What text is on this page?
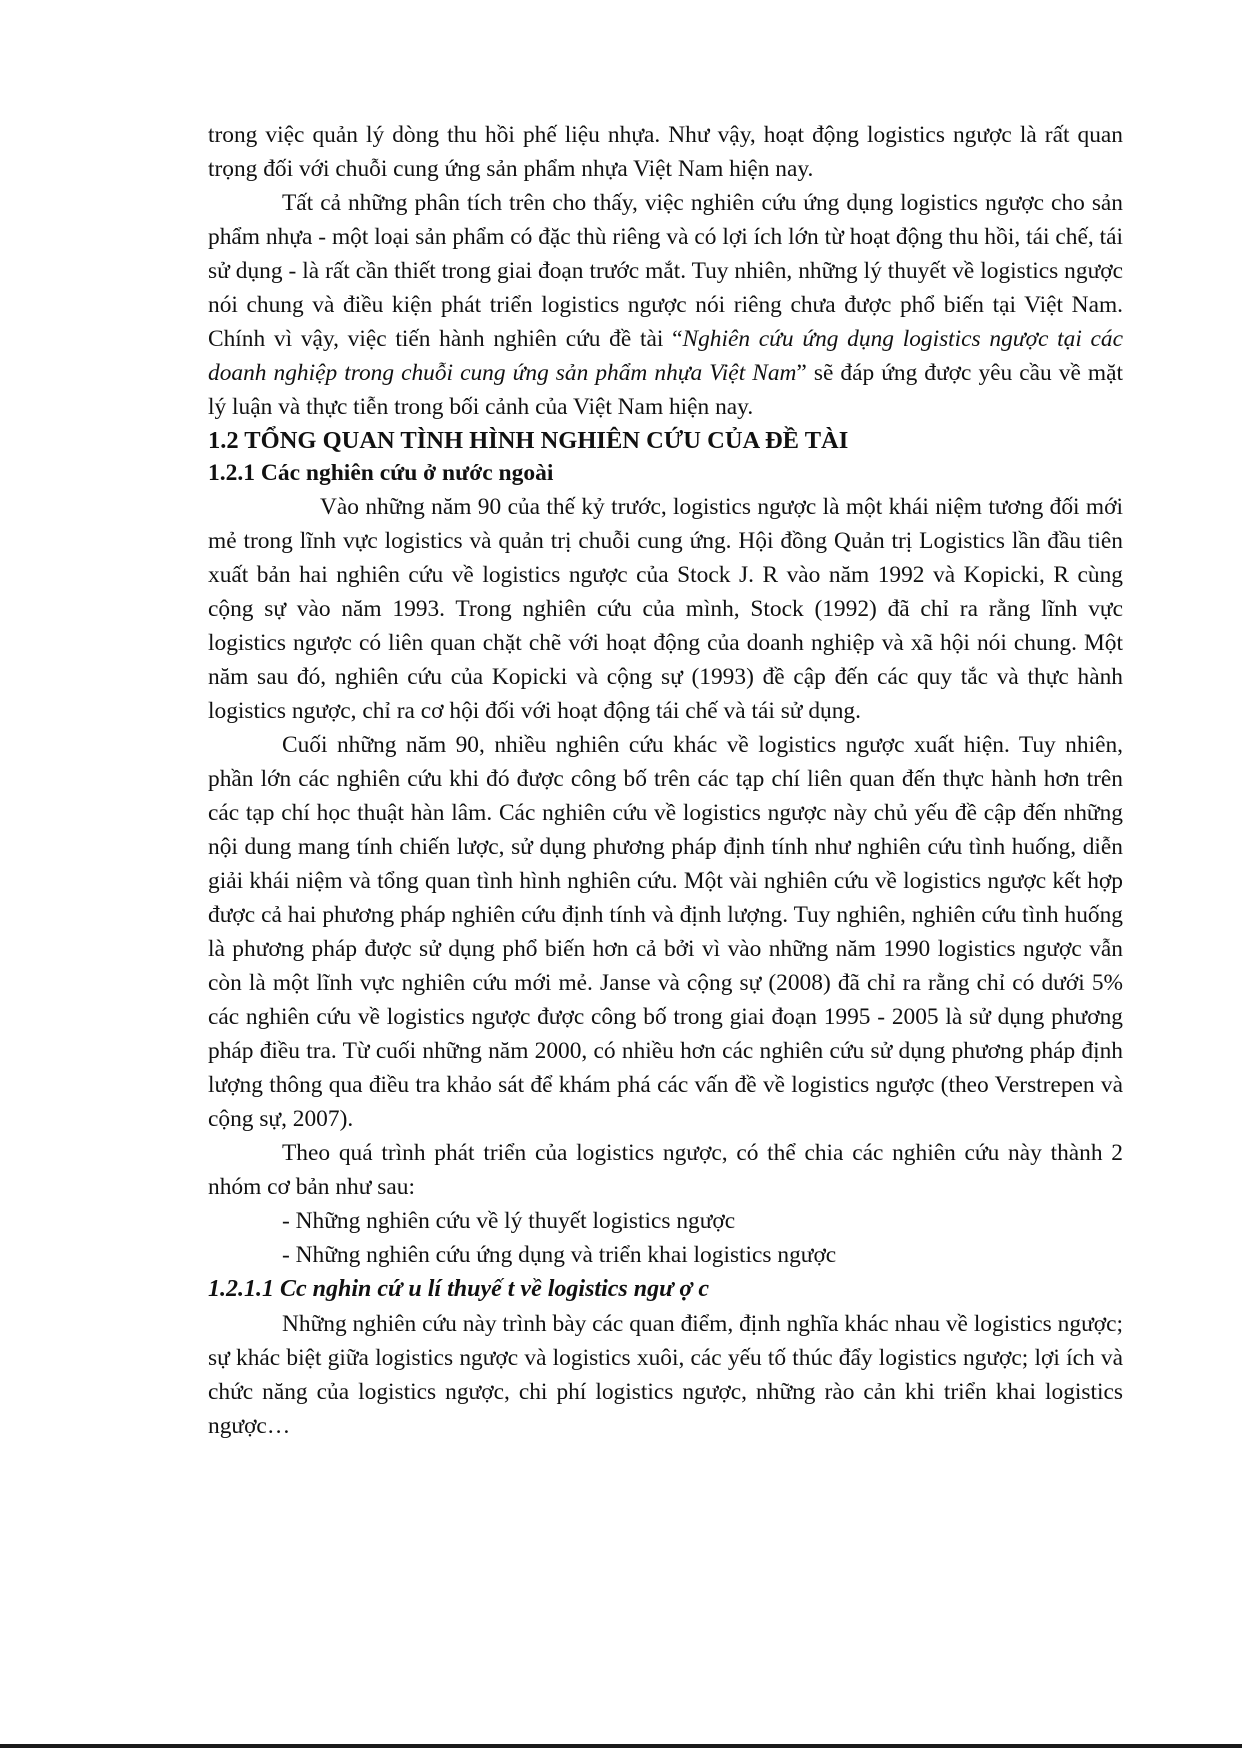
trong việc quản lý dòng thu hồi phế liệu nhựa. Như vậy, hoạt động logistics ngược là rất quan trọng đối với chuỗi cung ứng sản phẩm nhựa Việt Nam hiện nay.

Tất cả những phân tích trên cho thấy, việc nghiên cứu ứng dụng logistics ngược cho sản phẩm nhựa - một loại sản phẩm có đặc thù riêng và có lợi ích lớn từ hoạt động thu hồi, tái chế, tái sử dụng - là rất cần thiết trong giai đoạn trước mắt. Tuy nhiên, những lý thuyết về logistics ngược nói chung và điều kiện phát triển logistics ngược nói riêng chưa được phổ biến tại Việt Nam. Chính vì vậy, việc tiến hành nghiên cứu đề tài “Nghiên cứu ứng dụng logistics ngược tại các doanh nghiệp trong chuỗi cung ứng sản phẩm nhựa Việt Nam” sẽ đáp ứng được yêu cầu về mặt lý luận và thực tiễn trong bối cảnh của Việt Nam hiện nay.

1.2 TỔNG QUAN TÌNH HÌNH NGHIÊN CỨU CỦA ĐỀ TÀI

1.2.1 Các nghiên cứu ở nước ngoài

Vào những năm 90 của thế kỷ trước, logistics ngược là một khái niệm tương đối mới mẻ trong lĩnh vực logistics và quản trị chuỗi cung ứng. Hội đồng Quản trị Logistics lần đầu tiên xuất bản hai nghiên cứu về logistics ngược của Stock J. R vào năm 1992 và Kopicki, R cùng cộng sự vào năm 1993. Trong nghiên cứu của mình, Stock (1992) đã chỉ ra rằng lĩnh vực logistics ngược có liên quan chặt chẽ với hoạt động của doanh nghiệp và xã hội nói chung. Một năm sau đó, nghiên cứu của Kopicki và cộng sự (1993) đề cập đến các quy tắc và thực hành logistics ngược, chỉ ra cơ hội đối với hoạt động tái chế và tái sử dụng.

Cuối những năm 90, nhiều nghiên cứu khác về logistics ngược xuất hiện. Tuy nhiên, phần lớn các nghiên cứu khi đó được công bố trên các tạp chí liên quan đến thực hành hơn trên các tạp chí học thuật hàn lâm. Các nghiên cứu về logistics ngược này chủ yếu đề cập đến những nội dung mang tính chiến lược, sử dụng phương pháp định tính như nghiên cứu tình huống, diễn giải khái niệm và tổng quan tình hình nghiên cứu. Một vài nghiên cứu về logistics ngược kết hợp được cả hai phương pháp nghiên cứu định tính và định lượng. Tuy nghiên, nghiên cứu tình huống là phương pháp được sử dụng phổ biến hơn cả bởi vì vào những năm 1990 logistics ngược vẫn còn là một lĩnh vực nghiên cứu mới mẻ. Janse và cộng sự (2008) đã chỉ ra rằng chỉ có dưới 5% các nghiên cứu về logistics ngược được công bố trong giai đoạn 1995 - 2005 là sử dụng phương pháp điều tra. Từ cuối những năm 2000, có nhiều hơn các nghiên cứu sử dụng phương pháp định lượng thông qua điều tra khảo sát để khám phá các vấn đề về logistics ngược (theo Verstrepen và cộng sự, 2007).

Theo quá trình phát triển của logistics ngược, có thể chia các nghiên cứu này thành 2 nhóm cơ bản như sau:

- Những nghiên cứu về lý thuyết logistics ngược

- Những nghiên cứu ứng dụng và triển khai logistics ngược

1.2.1.1 Cc nghin cứ u lí thuyế t về logistics ngư ợ c

Những nghiên cứu này trình bày các quan điểm, định nghĩa khác nhau về logistics ngược; sự khác biệt giữa logistics ngược và logistics xuôi, các yếu tố thúc đẩy logistics ngược; lợi ích và chức năng của logistics ngược, chi phí logistics ngược, những rào cản khi triển khai logistics ngược…
